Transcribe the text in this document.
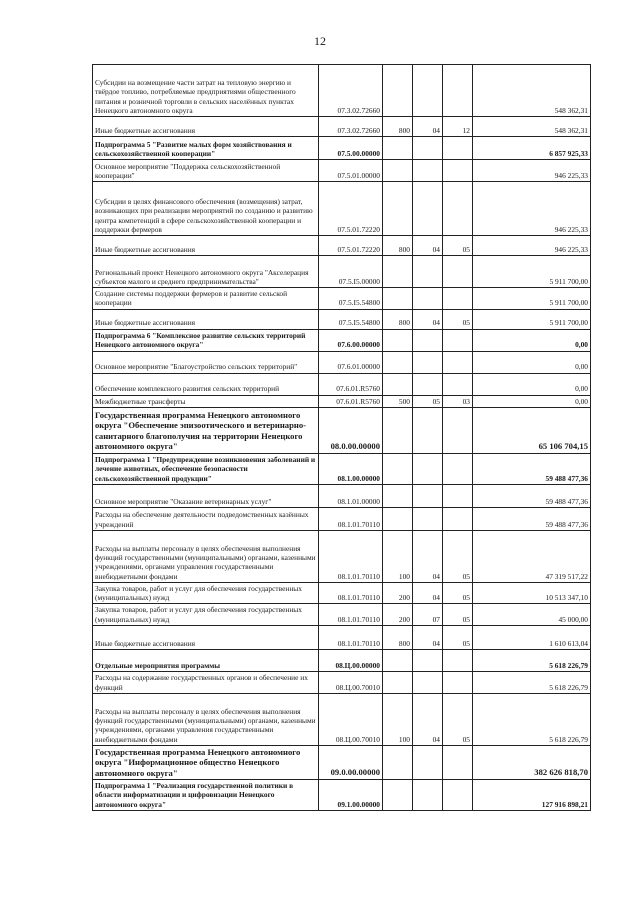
12
Субсидии на возмещение части затрат на тепловую энергию и твёрдое топливо, потребляемые предприятиями общественного питания и розничной торговли в сельских населённых пунктах Ненецкого автономного округа	07.3.02.72660				548 362,31
Иные бюджетные ассигнования	07.3.02.72660	800	04	12	548 362,31
Подпрограмма 5 "Развитие малых форм хозяйствования и сельскохозяйственной кооперации"	07.5.00.00000				6 857 925,33
Основное мероприятие "Поддержка сельскохозяйственной кооперации"	07.5.01.00000				946 225,33
Субсидии в целях финансового обеспечения (возмещения) затрат, возникающих при реализации мероприятий по созданию и развитию центра компетенций в сфере сельскохозяйственной кооперации и поддержки фермеров	07.5.01.72220				946 225,33
Иные бюджетные ассигнования	07.5.01.72220	800	04	05	946 225,33
Региональный проект Ненецкого автономного округа "Акселерация субъектов малого и среднего предпринимательства"	07.5.I5.00000				5 911 700,00
Создание системы поддержки фермеров и развитие сельской кооперации	07.5.I5.54800				5 911 700,00
Иные бюджетные ассигнования	07.5.I5.54800	800	04	05	5 911 700,00
Подпрограмма 6 "Комплексное развитие сельских территорий Ненецкого автономного округа"	07.6.00.00000				0,00
Основное мероприятие "Благоустройство сельских территорий"	07.6.01.00000				0,00
Обеспечение комплексного развития сельских территорий	07.6.01.R5760				0,00
Межбюджетные трансферты	07.6.01.R5760	500	05	03	0,00
Государственная программа Ненецкого автономного округа "Обеспечение эпизоотического и ветеринарно-санитарного благополучия на территории Ненецкого автономного округа"	08.0.00.00000				65 106 704,15
Подпрограмма 1 "Предупреждение возникновения заболеваний и лечение животных, обеспечение безопасности сельскохозяйственной продукции"	08.1.00.00000				59 488 477,36
Основное мероприятие "Оказание ветеринарных услуг"	08.1.01.00000				59 488 477,36
Расходы на обеспечение деятельности подведомственных казённых учреждений	08.1.01.70110				59 488 477,36
Расходы на выплаты персоналу в целях обеспечения выполнения функций государственными (муниципальными) органами, казенными учреждениями, органами управления государственными внебюджетными фондами	08.1.01.70110	100	04	05	47 319 517,22
Закупка товаров, работ и услуг для обеспечения государственных (муниципальных) нужд	08.1.01.70110	200	04	05	10 513 347,10
Закупка товаров, работ и услуг для обеспечения государственных (муниципальных) нужд	08.1.01.70110	200	07	05	45 000,00
Иные бюджетные ассигнования	08.1.01.70110	800	04	05	1 610 613,04
Отдельные мероприятия программы	08.Ц.00.00000				5 618 226,79
Расходы на содержание государственных органов и обеспечение их функций	08.Ц.00.70010				5 618 226,79
Расходы на выплаты персоналу в целях обеспечения выполнения функций государственными (муниципальными) органами, казенными учреждениями, органами управления государственными внебюджетными фондами	08.Ц.00.70010	100	04	05	5 618 226,79
Государственная программа Ненецкого автономного округа "Информационное общество Ненецкого автономного округа"	09.0.00.00000				382 626 818,70
Подпрограмма 1 "Реализация государственной политики в области информатизации и цифровизации Ненецкого автономного округа"	09.1.00.00000				127 916 898,21
